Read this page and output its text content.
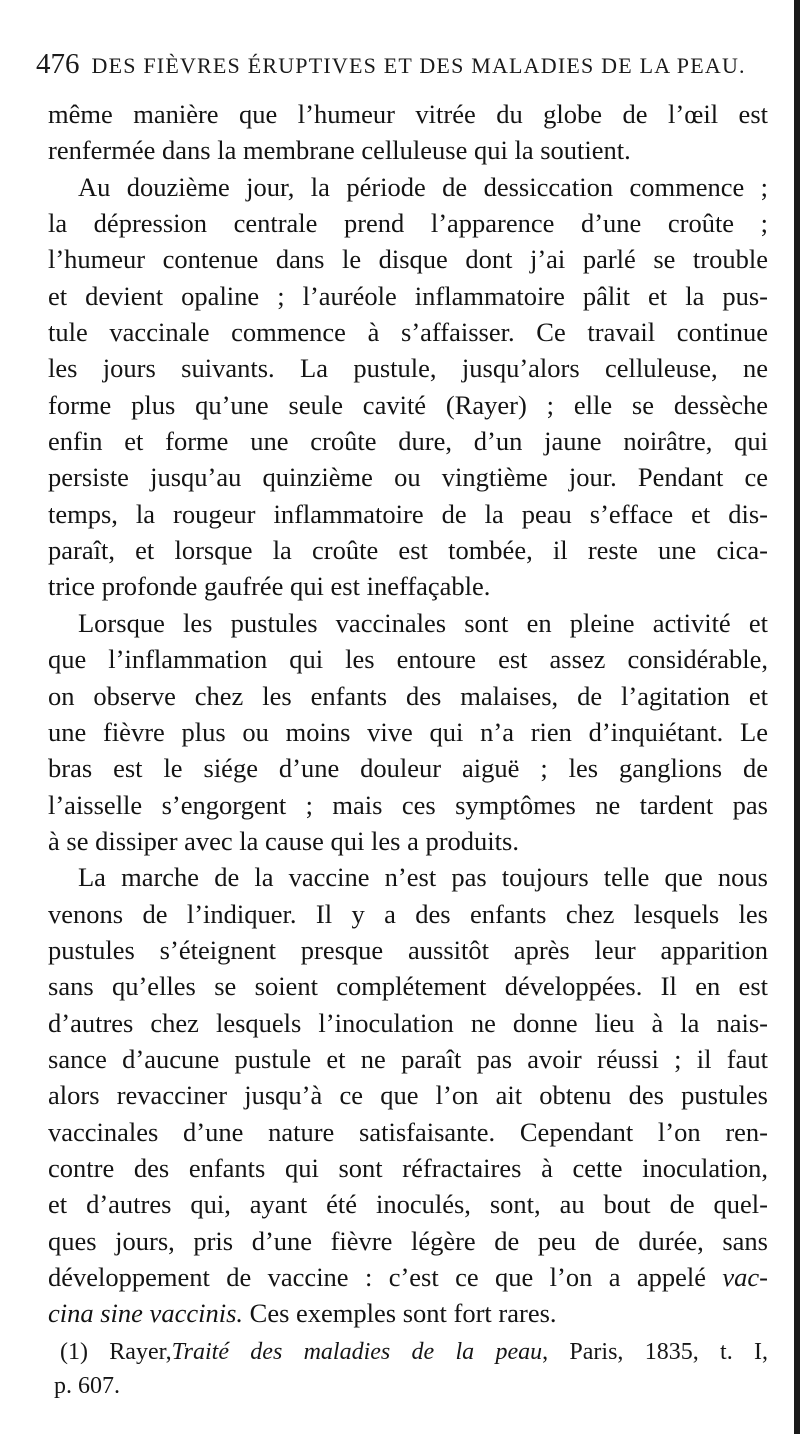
476 DES FIÈVRES ÉRUPTIVES ET DES MALADIES DE LA PEAU.
même manière que l’humeur vitrée du globe de l’œil est
renfermée dans la membrane celluleuse qui la soutient.
Au douzième jour, la période de dessiccation commence ;
la dépression centrale prend l’apparence d’une croûte ;
l’humeur contenue dans le disque dont j’ai parlé se trouble
et devient opaline ; l’auréole inflammatoire pâlit et la pus-
tule vaccinale commence à s’affaisser. Ce travail continue
les jours suivants. La pustule, jusqu’alors celluleuse, ne
forme plus qu’une seule cavité (Rayer) ; elle se dessèche
enfin et forme une croûte dure, d’un jaune noirâtre, qui
persiste jusqu’au quinzième ou vingtième jour. Pendant ce
temps, la rougeur inflammatoire de la peau s’efface et dis-
paraît, et lorsque la croûte est tombée, il reste une cica-
trice profonde gaufrée qui est ineffaçable.
Lorsque les pustules vaccinales sont en pleine activité et
que l’inflammation qui les entoure est assez considérable,
on observe chez les enfants des malaises, de l’agitation et
une fièvre plus ou moins vive qui n’a rien d’inquiétant. Le
bras est le siége d’une douleur aiguë ; les ganglions de
l’aisselle s’engorgent ; mais ces symptômes ne tardent pas
à se dissiper avec la cause qui les a produits.
La marche de la vaccine n’est pas toujours telle que nous
venons de l’indiquer. Il y a des enfants chez lesquels les
pustules s’éteignent presque aussitôt après leur apparition
sans qu’elles se soient complétement développées. Il en est
d’autres chez lesquels l’inoculation ne donne lieu à la nais-
sance d’aucune pustule et ne paraît pas avoir réussi ; il faut
alors revacciner jusqu’à ce que l’on ait obtenu des pustules
vaccinales d’une nature satisfaisante. Cependant l’on ren-
contre des enfants qui sont réfractaires à cette inoculation,
et d’autres qui, ayant été inoculés, sont, au bout de quel-
ques jours, pris d’une fièvre légère de peu de durée, sans
développement de vaccine : c’est ce que l’on a appelé vac-
cina sine vaccinis. Ces exemples sont fort rares.
(1) Rayer,Traité des maladies de la peau, Paris, 1835, t. I,
p. 607.
